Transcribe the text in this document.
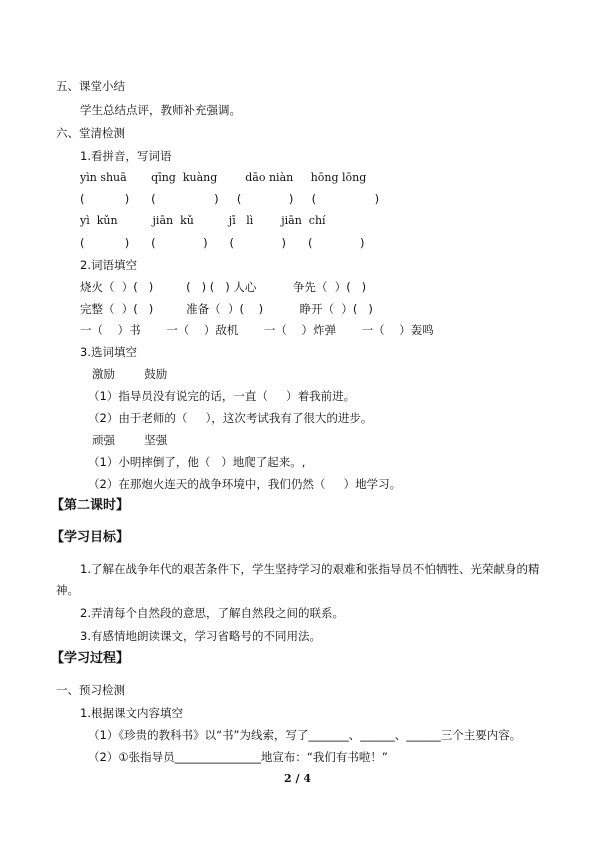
五、课堂小结
学生总结点评，教师补充强调。
六、堂清检测
1.看拼音，写词语
yìn shuā       qīng  kuàng        dāo niàn     hōng lōng
(           )      (                )     (             )     (                )
yì  kǔn          jiān  kǔ          jī   lì        jiān  chí
(           )      (             )      (             )      (             )
2.词语填空
烧火（  ）(   )         (   ) (   ) 人心          争先（  ）(   )
完整（  ）(   )         准备（  ）(    )          睁开（  ）(   )
一（    ）书       一（    ）敌机       一（    ）炸弹       一（    ）轰鸣
3.选词填空
激励        鼓励
（1）指导员没有说完的话，一直（     ）着我前进。
（2）由于老师的（     ），这次考试我有了很大的进步。
顽强        坚强
（1）小明摔倒了，他（   ）地爬了起来。,
（2）在那炮火连天的战争环境中，我们仍然（     ）地学习。
【第二课时】
【学习目标】
1.了解在战争年代的艰苦条件下，学生坚持学习的艰难和张指导员不怕牺牲、光荣献身的精神。
2.弄清每个自然段的意思，了解自然段之间的联系。
3.有感情地朗读课文，学习省略号的不同用法。
【学习过程】
一、预习检测
1.根据课文内容填空
（1）《珍贵的教科书》以“书”为线索，写了_______、______、______三个主要内容。
（2）①张指导员_______________地宣布：“我们有书啦！”
2 / 4
